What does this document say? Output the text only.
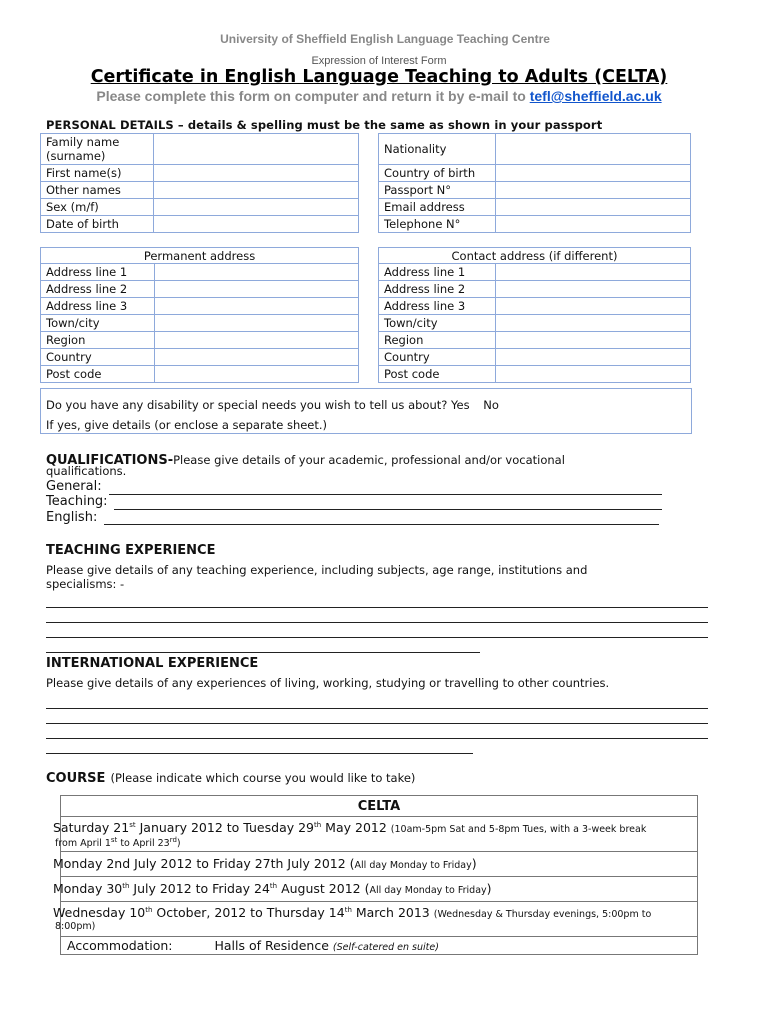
University of Sheffield English Language Teaching Centre
Expression of Interest Form
Certificate in English Language Teaching to Adults (CELTA)
Please complete this form on computer and return it by e-mail to tefl@sheffield.ac.uk
PERSONAL DETAILS – details & spelling must be the same as shown in your passport
Family name (surname)	
First name(s)	
Other names	
Sex (m/f)	
Date of birth	
Nationality	
Country of birth	
Passport N°	
Email address	
Telephone N°	
Permanent address	
Address line 1	
Address line 2	
Address line 3	
Town/city	
Region	
Country	
Post code	
Contact address (if different)	
Address line 1	
Address line 2	
Address line 3	
Town/city	
Region	
Country	
Post code	
Do you have any disability or special needs you wish to tell us about? Yes No
If yes, give details (or enclose a separate sheet.)
QUALIFICATIONS-Please give details of your academic, professional and/or vocational
qualifications.
General:
Teaching:
English:
TEACHING EXPERIENCE
Please give details of any teaching experience, including subjects, age range, institutions and
specialisms: -
INTERNATIONAL EXPERIENCE
Please give details of any experiences of living, working, studying or travelling to other countries.
COURSE (Please indicate which course you would like to take)
CELTA

Saturday 21st January 2012 to Tuesday 29th May 2012 (10am-5pm Sat and 5-8pm Tues, with a 3-week break
from April 1st to April 23rd)

Monday 2nd July 2012 to Friday 27th July 2012 (All day Monday to Friday)

Monday 30th July 2012 to Friday 24th August 2012 (All day Monday to Friday)

Wednesday 10th October, 2012 to Thursday 14th March 2013 (Wednesday & Thursday evenings, 5:00pm to
8:00pm)

Accommodation:	Halls of Residence (Self-catered en suite)
